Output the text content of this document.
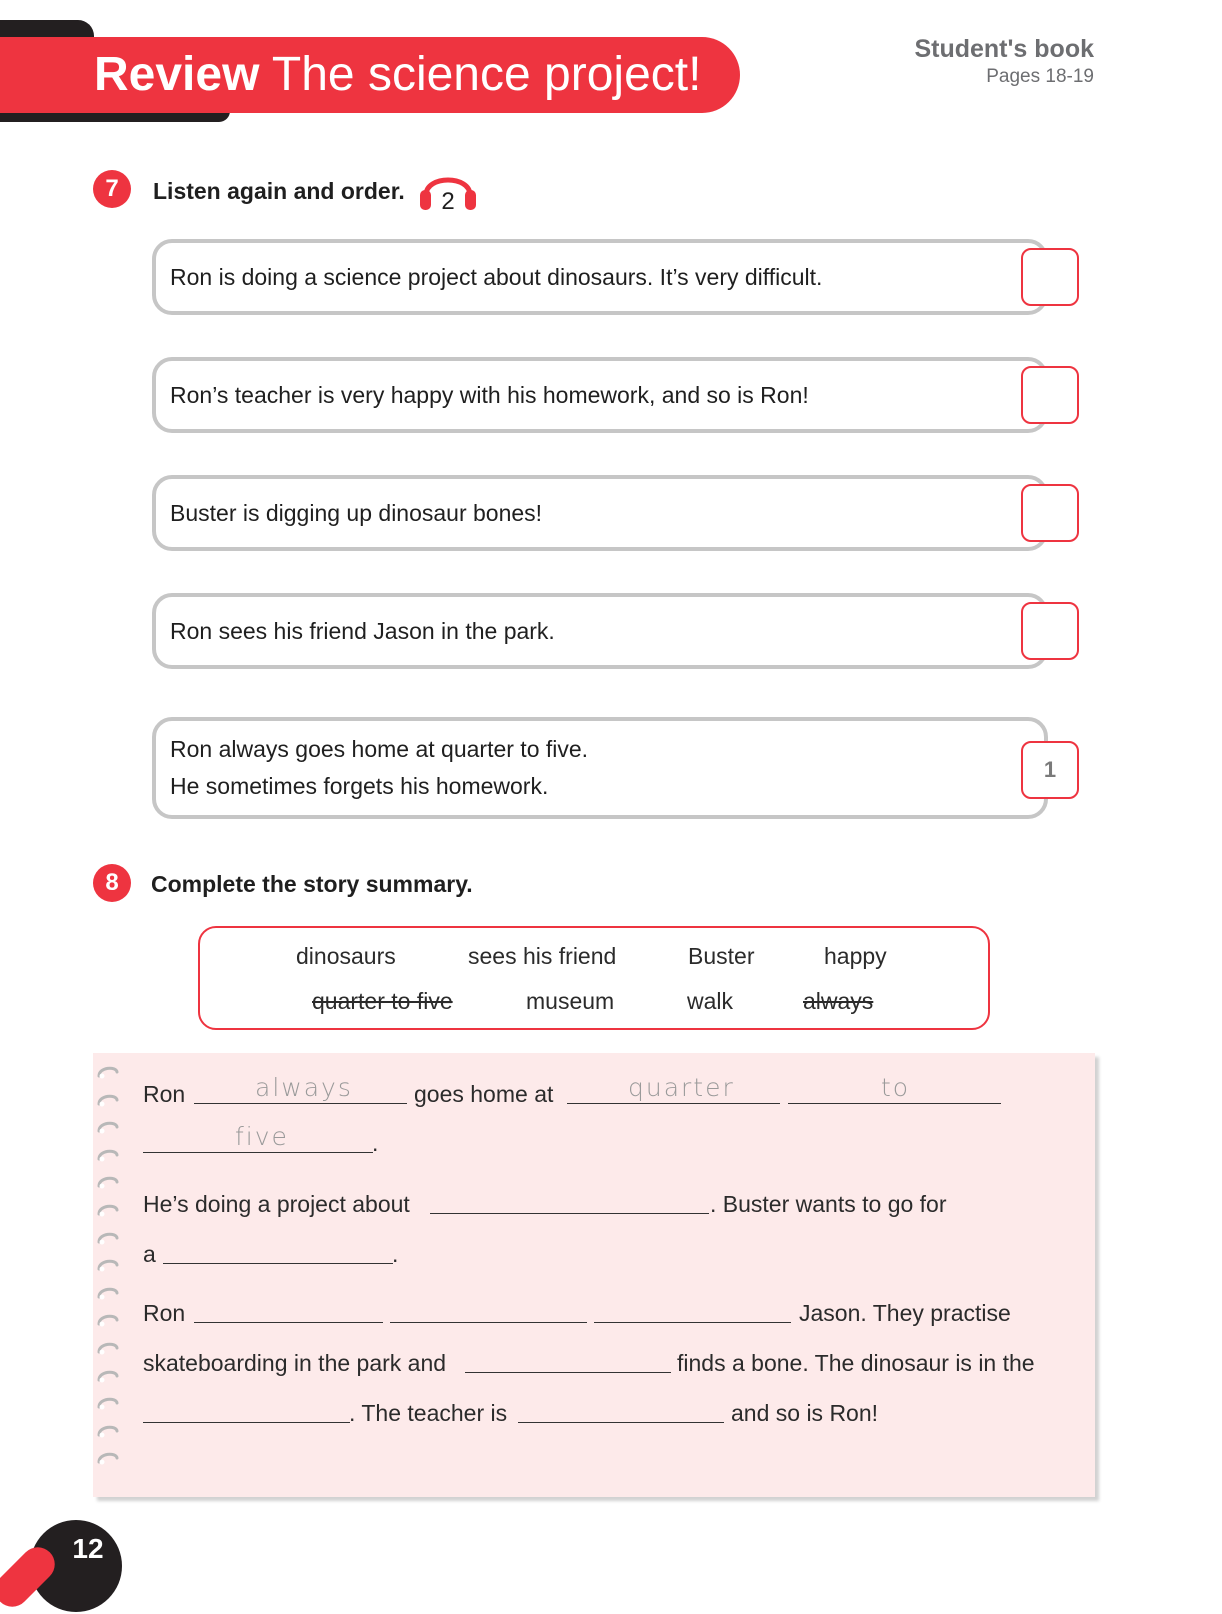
Review The science project!	Student's book
Pages 18-19
7	Listen again and order. 2
Ron is doing a science project about dinosaurs. It’s very difficult.
Ron’s teacher is very happy with his homework, and so is Ron!
Buster is digging up dinosaur bones!
Ron sees his friend Jason in the park.
Ron always goes home at quarter to five.
He sometimes forgets his homework.
1
8	Complete the story summary.
dinosaurs	sees his friend	Buster	happy
quarter to five	museum	walk	always
Ron	always	goes home at	quarter	to
five	.
He’s doing a project about	. Buster wants to go for
a	.
Ron	Jason. They practise
skateboarding in the park and	finds a bone. The dinosaur is in the
. The teacher is	and so is Ron!
12
